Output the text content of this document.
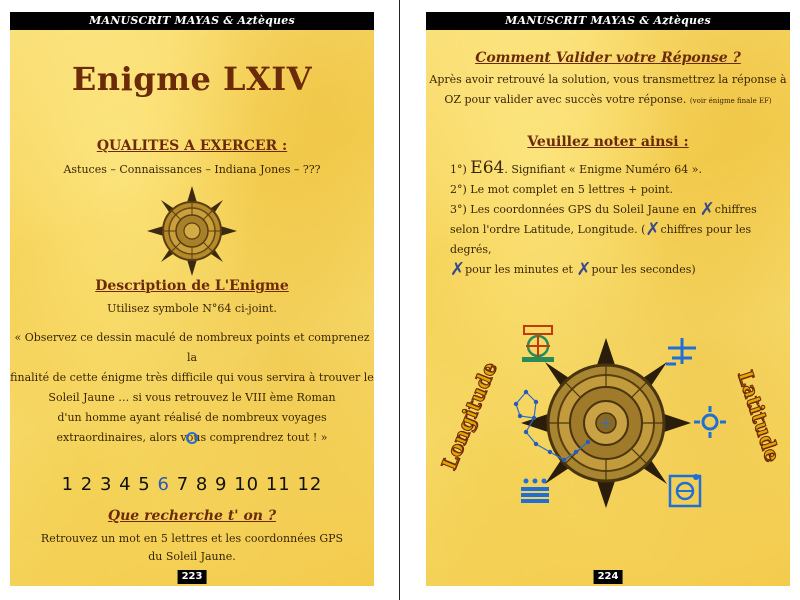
MANUSCRIT MAYAS & Aztèques
Enigme LXIV
QUALITES A EXERCER :
Astuces – Connaissances – Indiana Jones – ???
Description de L'Enigme
Utilisez symbole N°64 ci-joint.
« Observez ce dessin maculé de nombreux points et comprenez la
finalité de cette énigme très difficile qui vous servira à trouver le
Soleil Jaune … si vous retrouvez le VIII ème Roman
d'un homme ayant réalisé de nombreux voyages
extraordinaires, alors vous comprendrez tout ! »
1 2 3 4 5 6 7 8 9 10 11 12
Que recherche t' on ?
Retrouvez un mot en 5 lettres et les coordonnées GPS
du Soleil Jaune.
223
MANUSCRIT MAYAS & Aztèques
Comment Valider votre Réponse ?
Après avoir retrouvé la solution, vous transmettrez la réponse à
OZ pour valider avec succès votre réponse. (voir énigme finale EF)
Veuillez noter ainsi :
1°) E64. Signifiant « Enigme Numéro 64 ».
2°) Le mot complet en 5 lettres + point.
3°) Les coordonnées GPS du Soleil Jaune en ✗chiffres
selon l'ordre Latitude, Longitude. (✗chiffres pour les degrés,
✗pour les minutes et ✗pour les secondes)
Longitude	Latitude
224
